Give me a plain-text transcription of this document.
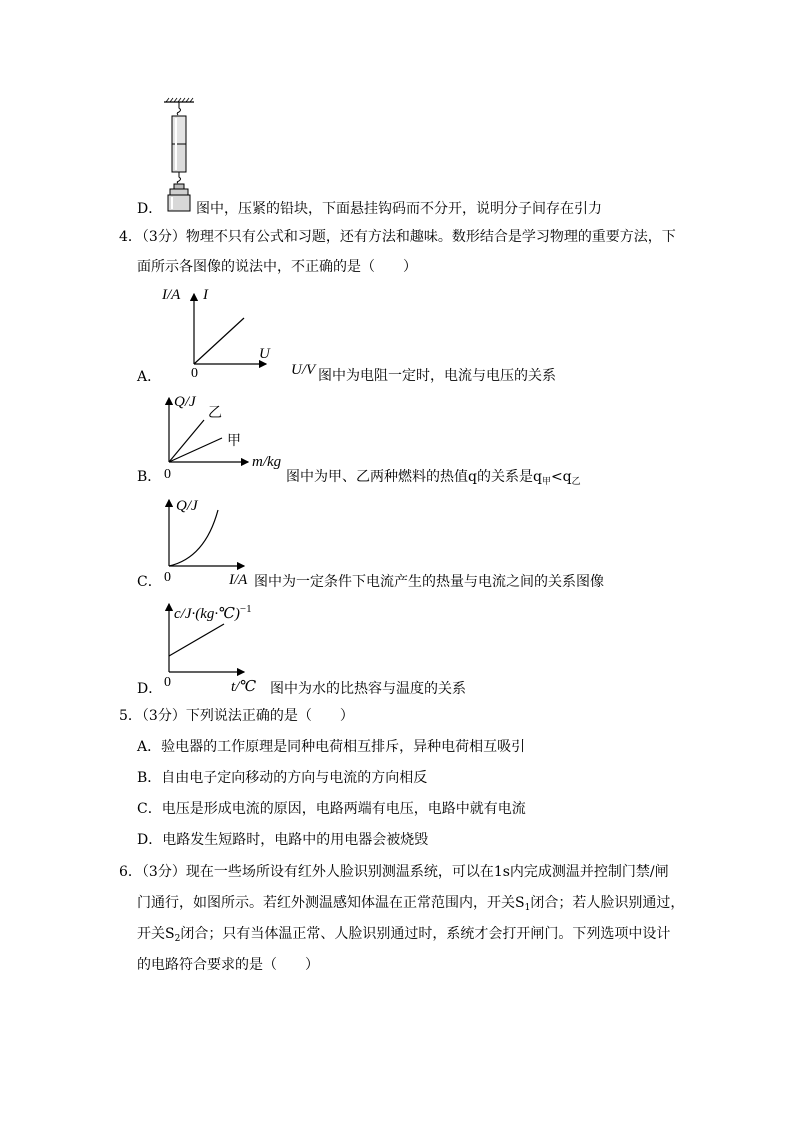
D． 图中，压紧的铅块，下面悬挂钩码而不分开，说明分子间存在引力
4．（3分）物理不只有公式和习题，还有方法和趣味。数形结合是学习物理的重要方法，下
面所示各图像的说法中，不正确的是（　　）
I/A I
U
0
A．	U/V 图中为电阻一定时，电流与电压的关系
Q/J
乙
甲
m/kg
0
B．	图中为甲、乙两种燃料的热值q的关系是$q_甲<q_乙$
Q/J
0
C．	I/A 图中为一定条件下电流产生的热量与电流之间的关系图像
c/J·(kg·℃)$^{-1}$
0
D．	t/℃ 图中为水的比热容与温度的关系
5．（3分）下列说法正确的是（　　）
A．验电器的工作原理是同种电荷相互排斥，异种电荷相互吸引
B．自由电子定向移动的方向与电流的方向相反
C．电压是形成电流的原因，电路两端有电压，电路中就有电流
D．电路发生短路时，电路中的用电器会被烧毁
6．（3分）现在一些场所设有红外人脸识别测温系统，可以在1s内完成测温并控制门禁/闸
门通行，如图所示。若红外测温感知体温在正常范围内，开关$S_1$闭合；若人脸识别通过，
开关$S_2$闭合；只有当体温正常、人脸识别通过时，系统才会打开闸门。下列选项中设计
的电路符合要求的是（　　）
